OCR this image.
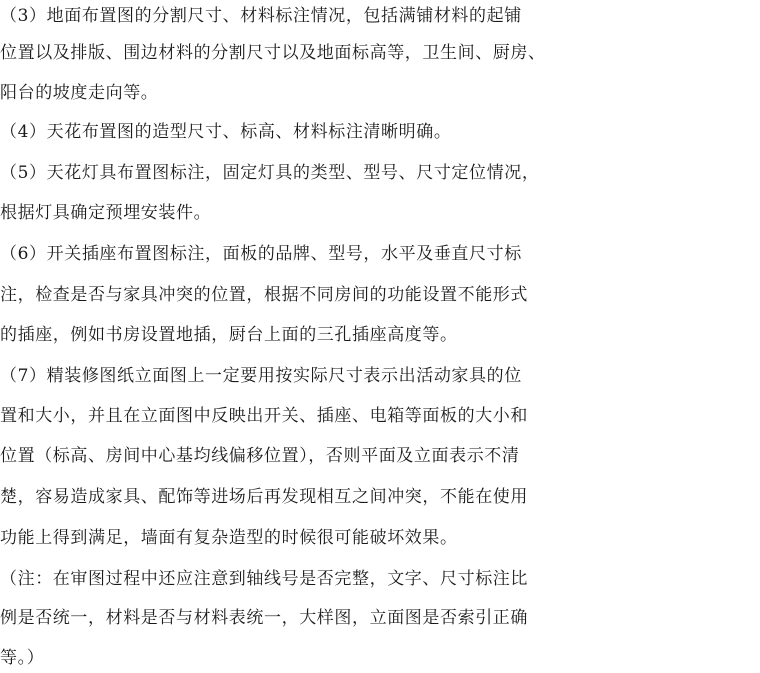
（3）地面布置图的分割尺寸、材料标注情况，包括满铺材料的起铺
位置以及排版、围边材料的分割尺寸以及地面标高等，卫生间、厨房、
阳台的坡度走向等。
（4）天花布置图的造型尺寸、标高、材料标注清晰明确。
（5）天花灯具布置图标注，固定灯具的类型、型号、尺寸定位情况，
根据灯具确定预埋安装件。
（6）开关插座布置图标注，面板的品牌、型号，水平及垂直尺寸标
注，检查是否与家具冲突的位置，根据不同房间的功能设置不能形式
的插座，例如书房设置地插，厨台上面的三孔插座高度等。
（7）精装修图纸立面图上一定要用按实际尺寸表示出活动家具的位
置和大小，并且在立面图中反映出开关、插座、电箱等面板的大小和
位置（标高、房间中心基均线偏移位置），否则平面及立面表示不清
楚，容易造成家具、配饰等进场后再发现相互之间冲突，不能在使用
功能上得到满足，墙面有复杂造型的时候很可能破坏效果。
（注：在审图过程中还应注意到轴线号是否完整，文字、尺寸标注比
例是否统一，材料是否与材料表统一，大样图，立面图是否索引正确
等。）
